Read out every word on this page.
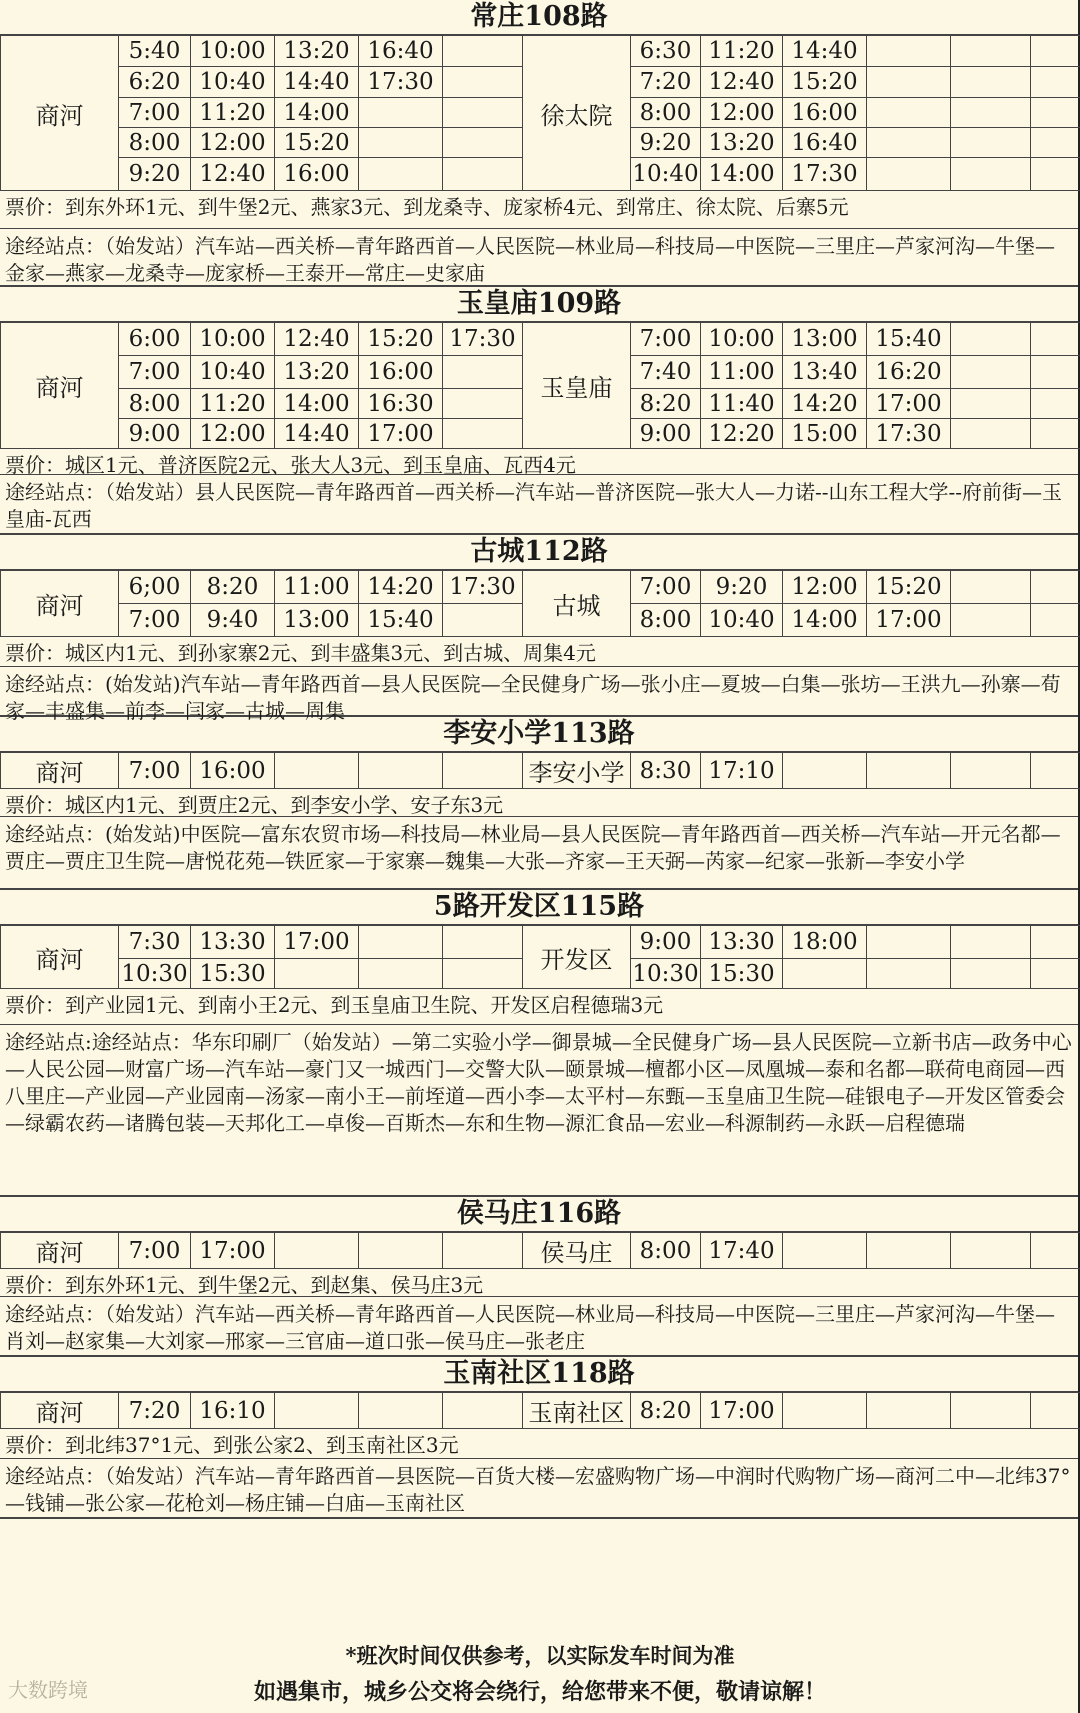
常庄108路
商河	5:40	10:00	13:20	16:40		徐太院	6:30	11:20	14:40			
	6:20	10:40	14:40	17:30			7:20	12:40	15:20			
	7:00	11:20	14:00				8:00	12:00	16:00			
	8:00	12:00	15:20				9:20	13:20	16:40			
	9:20	12:40	16:00				10:40	14:00	17:30			
票价：到东外环1元、到牛堡2元、燕家3元、到龙桑寺、庞家桥4元、到常庄、徐太院、后寨5元
途经站点：（始发站）汽车站—西关桥—青年路西首—人民医院—林业局—科技局—中医院—三里庄—芦家河沟—牛堡—金家—燕家—龙桑寺—庞家桥—王泰开—常庄—史家庙
玉皇庙109路
商河	6:00	10:00	12:40	15:20	17:30	玉皇庙	7:00	10:00	13:00	15:40		
	7:00	10:40	13:20	16:00			7:40	11:00	13:40	16:20		
	8:00	11:20	14:00	16:30			8:20	11:40	14:20	17:00		
	9:00	12:00	14:40	17:00			9:00	12:20	15:00	17:30		
票价：城区1元、普济医院2元、张大人3元、到玉皇庙、瓦西4元
途经站点：（始发站）县人民医院—青年路西首—西关桥—汽车站—普济医院—张大人—力诺--山东工程大学--府前街—玉皇庙-瓦西
古城112路
商河	6;00	8:20	11:00	14:20	17:30	古城	7:00	9:20	12:00	15:20		
	7:00	9:40	13:00	15:40			8:00	10:40	14:00	17:00		
票价：城区内1元、到孙家寨2元、到丰盛集3元、到古城、周集4元
途经站点：(始发站)汽车站—青年路西首—县人民医院—全民健身广场—张小庄—夏坡—白集—张坊—王洪九—孙寨—荀家—丰盛集—前李—闫家—古城—周集
李安小学113路
商河	7:00	16:00				李安小学	8:30	17:10				
票价：城区内1元、到贾庄2元、到李安小学、安子东3元
途经站点：(始发站)中医院—富东农贸市场—科技局—林业局—县人民医院—青年路西首—西关桥—汽车站—开元名都—贾庄—贾庄卫生院—唐悦花苑—铁匠家—于家寨—魏集—大张—齐家—王天弼—芮家—纪家—张新—李安小学
5路开发区115路
商河	7:30	13:30	17:00			开发区	9:00	13:30	18:00			
	10:30	15:30					10:30	15:30				
票价：到产业园1元、到南小王2元、到玉皇庙卫生院、开发区启程德瑞3元
途经站点:途经站点：华东印刷厂（始发站）—第二实验小学—御景城—全民健身广场—县人民医院—立新书店—政务中心—人民公园—财富广场—汽车站—豪门又一城西门—交警大队—颐景城—檀都小区—凤凰城—泰和名都—联荷电商园—西八里庄—产业园—产业园南—汤家—南小王—前垤道—西小李—太平村—东甄—玉皇庙卫生院—硅银电子—开发区管委会—绿霸农药—诸腾包装—天邦化工—卓俊—百斯杰—东和生物—源汇食品—宏业—科源制药—永跃—启程德瑞
侯马庄116路
商河	7:00	17:00				侯马庄	8:00	17:40				
票价：到东外环1元、到牛堡2元、到赵集、侯马庄3元
途经站点：（始发站）汽车站—西关桥—青年路西首—人民医院—林业局—科技局—中医院—三里庄—芦家河沟—牛堡—肖刘—赵家集—大刘家—邢家—三官庙—道口张—侯马庄—张老庄
玉南社区118路
商河	7:20	16:10				玉南社区	8:20	17:00				
票价：到北纬37°1元、到张公家2、到玉南社区3元
途经站点：（始发站）汽车站—青年路西首—县医院—百货大楼—宏盛购物广场—中润时代购物广场—商河二中—北纬37°—钱铺—张公家—花枪刘—杨庄铺—白庙—玉南社区
*班次时间仅供参考，以实际发车时间为准
如遇集市，城乡公交将会绕行，给您带来不便，敬请谅解！
大数跨境
